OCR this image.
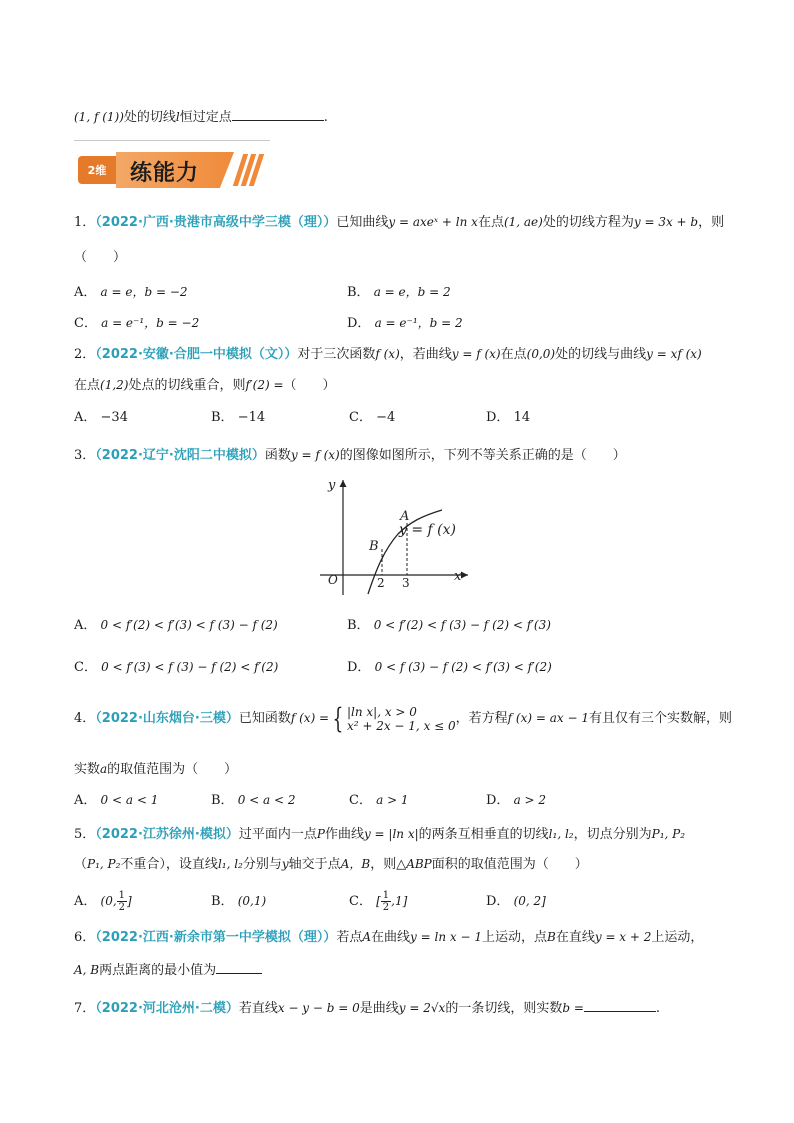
(1, f (1))处的切线l恒过定点	.
2维	练能力
1．（2022·广西·贵港市高级中学三模（理））已知曲线y = axeˣ + ln x在点(1, ae)处的切线方程为y = 3x + b，则
（　　）
A． a = e，b = −2	B． a = e，b = 2
C． a = e⁻¹，b = −2	D． a = e⁻¹，b = 2
2．（2022·安徽·合肥一中模拟（文））对于三次函数f (x)，若曲线y = f (x)在点(0,0)处的切线与曲线y = xf (x)
在点(1,2)处点的切线重合，则f′(2) =（　　）
A． −34	B． −14	C． −4	D． 14
3．（2022·辽宁·沈阳二中模拟）函数y = f (x)的图像如图所示，下列不等关系正确的是（　　）
y
x
O
A
B
y = f (x)
2 3
A． 0 < f′(2) < f′(3) < f (3) − f (2)	B． 0 < f′(2) < f (3) − f (2) < f′(3)
C． 0 < f′(3) < f (3) − f (2) < f′(2)	D． 0 < f (3) − f (2) < f′(3) < f′(2)
4．（2022·山东烟台·三模）已知函数f (x) = { |ln x|, x > 0
x² + 2x − 1, x ≤ 0 ，若方程f (x) = ax − 1有且仅有三个实数解，则
实数a的取值范围为（　　）
A． 0 < a < 1	B． 0 < a < 2	C． a > 1	D． a > 2
5．（2022·江苏徐州·模拟）过平面内一点P作曲线y = |ln x|的两条互相垂直的切线l₁, l₂，切点分别为P₁, P₂
（P₁, P₂不重合），设直线l₁, l₂分别与y轴交于点A，B，则△ABP面积的取值范围为（　　）
A． (0, $\frac{1}{2}$ ]	B． (0,1)	C． [ $\frac{1}{2} ,1$]	D． (0, 2]
6．（2022·江西·新余市第一中学模拟（理））若点A在曲线y = ln x − 1上运动，点B在直线y = x + 2上运动，
A, B两点距离的最小值为
7．（2022·河北沧州·二模）若直线x − y − b = 0是曲线y = 2√x的一条切线，则实数b =	.
